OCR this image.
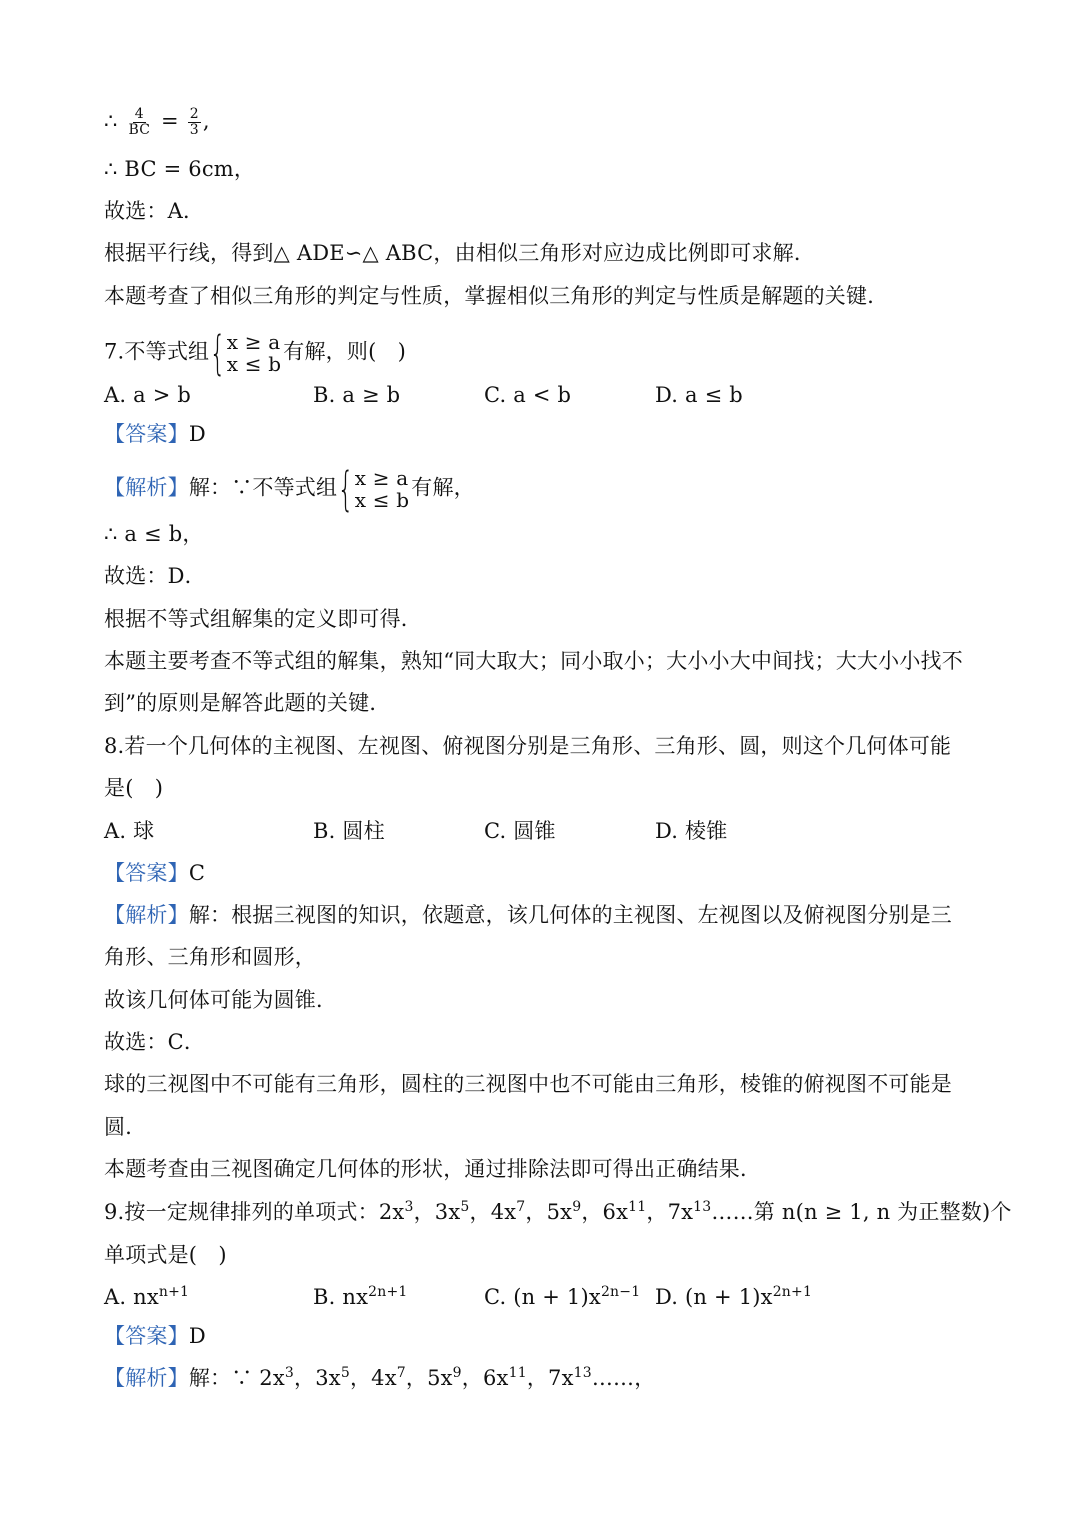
∴ $\frac{4}{BC} = \frac{2}{3}$ ,
∴ BC = 6cm，
故选：A．
根据平行线，得到△ ADE∽△ ABC，由相似三角形对应边成比例即可求解．
本题考查了相似三角形的判定与性质，掌握相似三角形的判定与性质是解题的关键．
7.不等式组 { x ≥ a
x ≤ b
有解，则(　)
A. a > b	B. a ≥ b	C. a < b	D. a ≤ b
【答案】D
【解析】解：∵不等式组 { x ≥ a
x ≤ b
有解，
∴ a ≤ b，
故选：D．
根据不等式组解集的定义即可得．
本题主要考查不等式组的解集，熟知“同大取大；同小取小；大小小大中间找；大大小小找不
到”的原则是解答此题的关键．
8.若一个几何体的主视图、左视图、俯视图分别是三角形、三角形、圆，则这个几何体可能
是(　)
A. 球	B. 圆柱	C. 圆锥	D. 棱锥
【答案】C
【解析】解：根据三视图的知识，依题意，该几何体的主视图、左视图以及俯视图分别是三
角形、三角形和圆形，
故该几何体可能为圆锥．
故选：C．
球的三视图中不可能有三角形，圆柱的三视图中也不可能由三角形，棱锥的俯视图不可能是
圆．
本题考查由三视图确定几何体的形状，通过排除法即可得出正确结果．
9.按一定规律排列的单项式：$2x^3$，$3x^5$，$4x^7$，$5x^9$，$6x^{11}$，$7x^{13}\dots\dots$第 n(n ≥ 1, n 为正整数)个
单项式是(　)
A. $nx^{n+1}$	B. $nx^{2n+1}$	C. $(n + 1)x^{2n-1}$ D. $(n + 1)x^{2n+1}$
【答案】D
【解析】解：∵ $2x^3$，$3x^5$，$4x^7$，$5x^9$，$6x^{11}$，$7x^{13}\dots\dots$，
